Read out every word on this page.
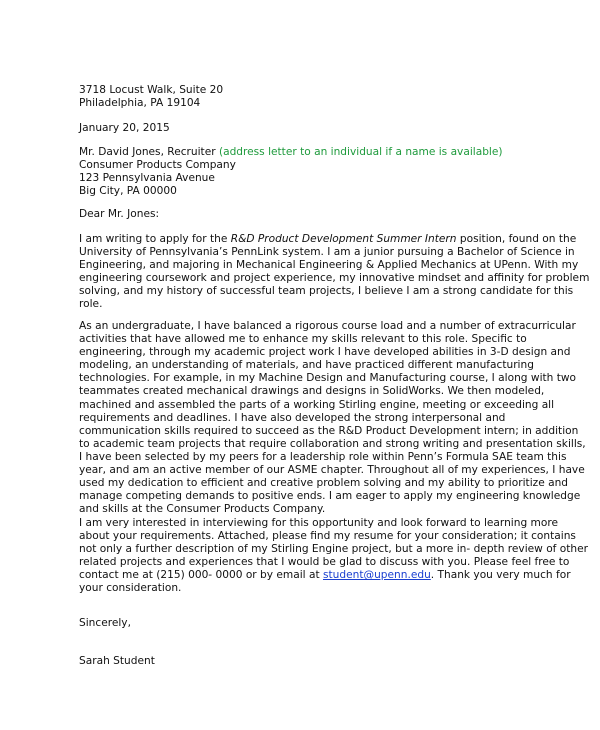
3718 Locust Walk, Suite 20
Philadelphia, PA 19104
January 20, 2015
Mr. David Jones, Recruiter (address letter to an individual if a name is available)
Consumer Products Company
123 Pennsylvania Avenue
Big City, PA 00000
Dear Mr. Jones:
I am writing to apply for the R&D Product Development Summer Intern position, found on the
University of Pennsylvania’s PennLink system. I am a junior pursuing a Bachelor of Science in
Engineering, and majoring in Mechanical Engineering & Applied Mechanics at UPenn. With my
engineering coursework and project experience, my innovative mindset and affinity for problem
solving, and my history of successful team projects, I believe I am a strong candidate for this
role.
As an undergraduate, I have balanced a rigorous course load and a number of extracurricular
activities that have allowed me to enhance my skills relevant to this role. Specific to
engineering, through my academic project work I have developed abilities in 3-D design and
modeling, an understanding of materials, and have practiced different manufacturing
technologies. For example, in my Machine Design and Manufacturing course, I along with two
teammates created mechanical drawings and designs in SolidWorks. We then modeled,
machined and assembled the parts of a working Stirling engine, meeting or exceeding all
requirements and deadlines. I have also developed the strong interpersonal and
communication skills required to succeed as the R&D Product Development intern; in addition
to academic team projects that require collaboration and strong writing and presentation skills,
I have been selected by my peers for a leadership role within Penn’s Formula SAE team this
year, and am an active member of our ASME chapter. Throughout all of my experiences, I have
used my dedication to efficient and creative problem solving and my ability to prioritize and
manage competing demands to positive ends. I am eager to apply my engineering knowledge
and skills at the Consumer Products Company.
I am very interested in interviewing for this opportunity and look forward to learning more
about your requirements. Attached, please find my resume for your consideration; it contains
not only a further description of my Stirling Engine project, but a more in- depth review of other
related projects and experiences that I would be glad to discuss with you. Please feel free to
contact me at (215) 000- 0000 or by email at student@upenn.edu. Thank you very much for
your consideration.
Sincerely,
Sarah Student
